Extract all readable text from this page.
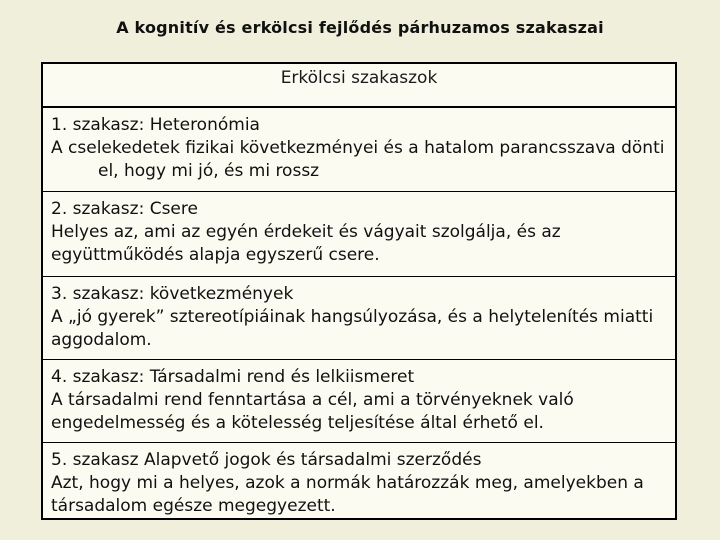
A kognitív és erkölcsi fejlődés párhuzamos szakaszai
Erkölcsi szakaszok
1. szakasz: Heteronómia
A cselekedetek fizikai következményei és a hatalom parancsszava dönti el, hogy mi jó, és mi rossz
2. szakasz: Csere
Helyes az, ami az egyén érdekeit és vágyait szolgálja, és az együttműködés alapja egyszerű csere.
3. szakasz: következmények
A „jó gyerek” sztereotípiáinak hangsúlyozása, és a helytelenítés miatti aggodalom.
4. szakasz: Társadalmi rend és lelkiismeret
A társadalmi rend fenntartása a cél, ami a törvényeknek való engedelmesség és a kötelesség teljesítése által érhető el.
5. szakasz Alapvető jogok és társadalmi szerződés
Azt, hogy mi a helyes, azok a normák határozzák meg, amelyekben a társadalom egésze megegyezett.
